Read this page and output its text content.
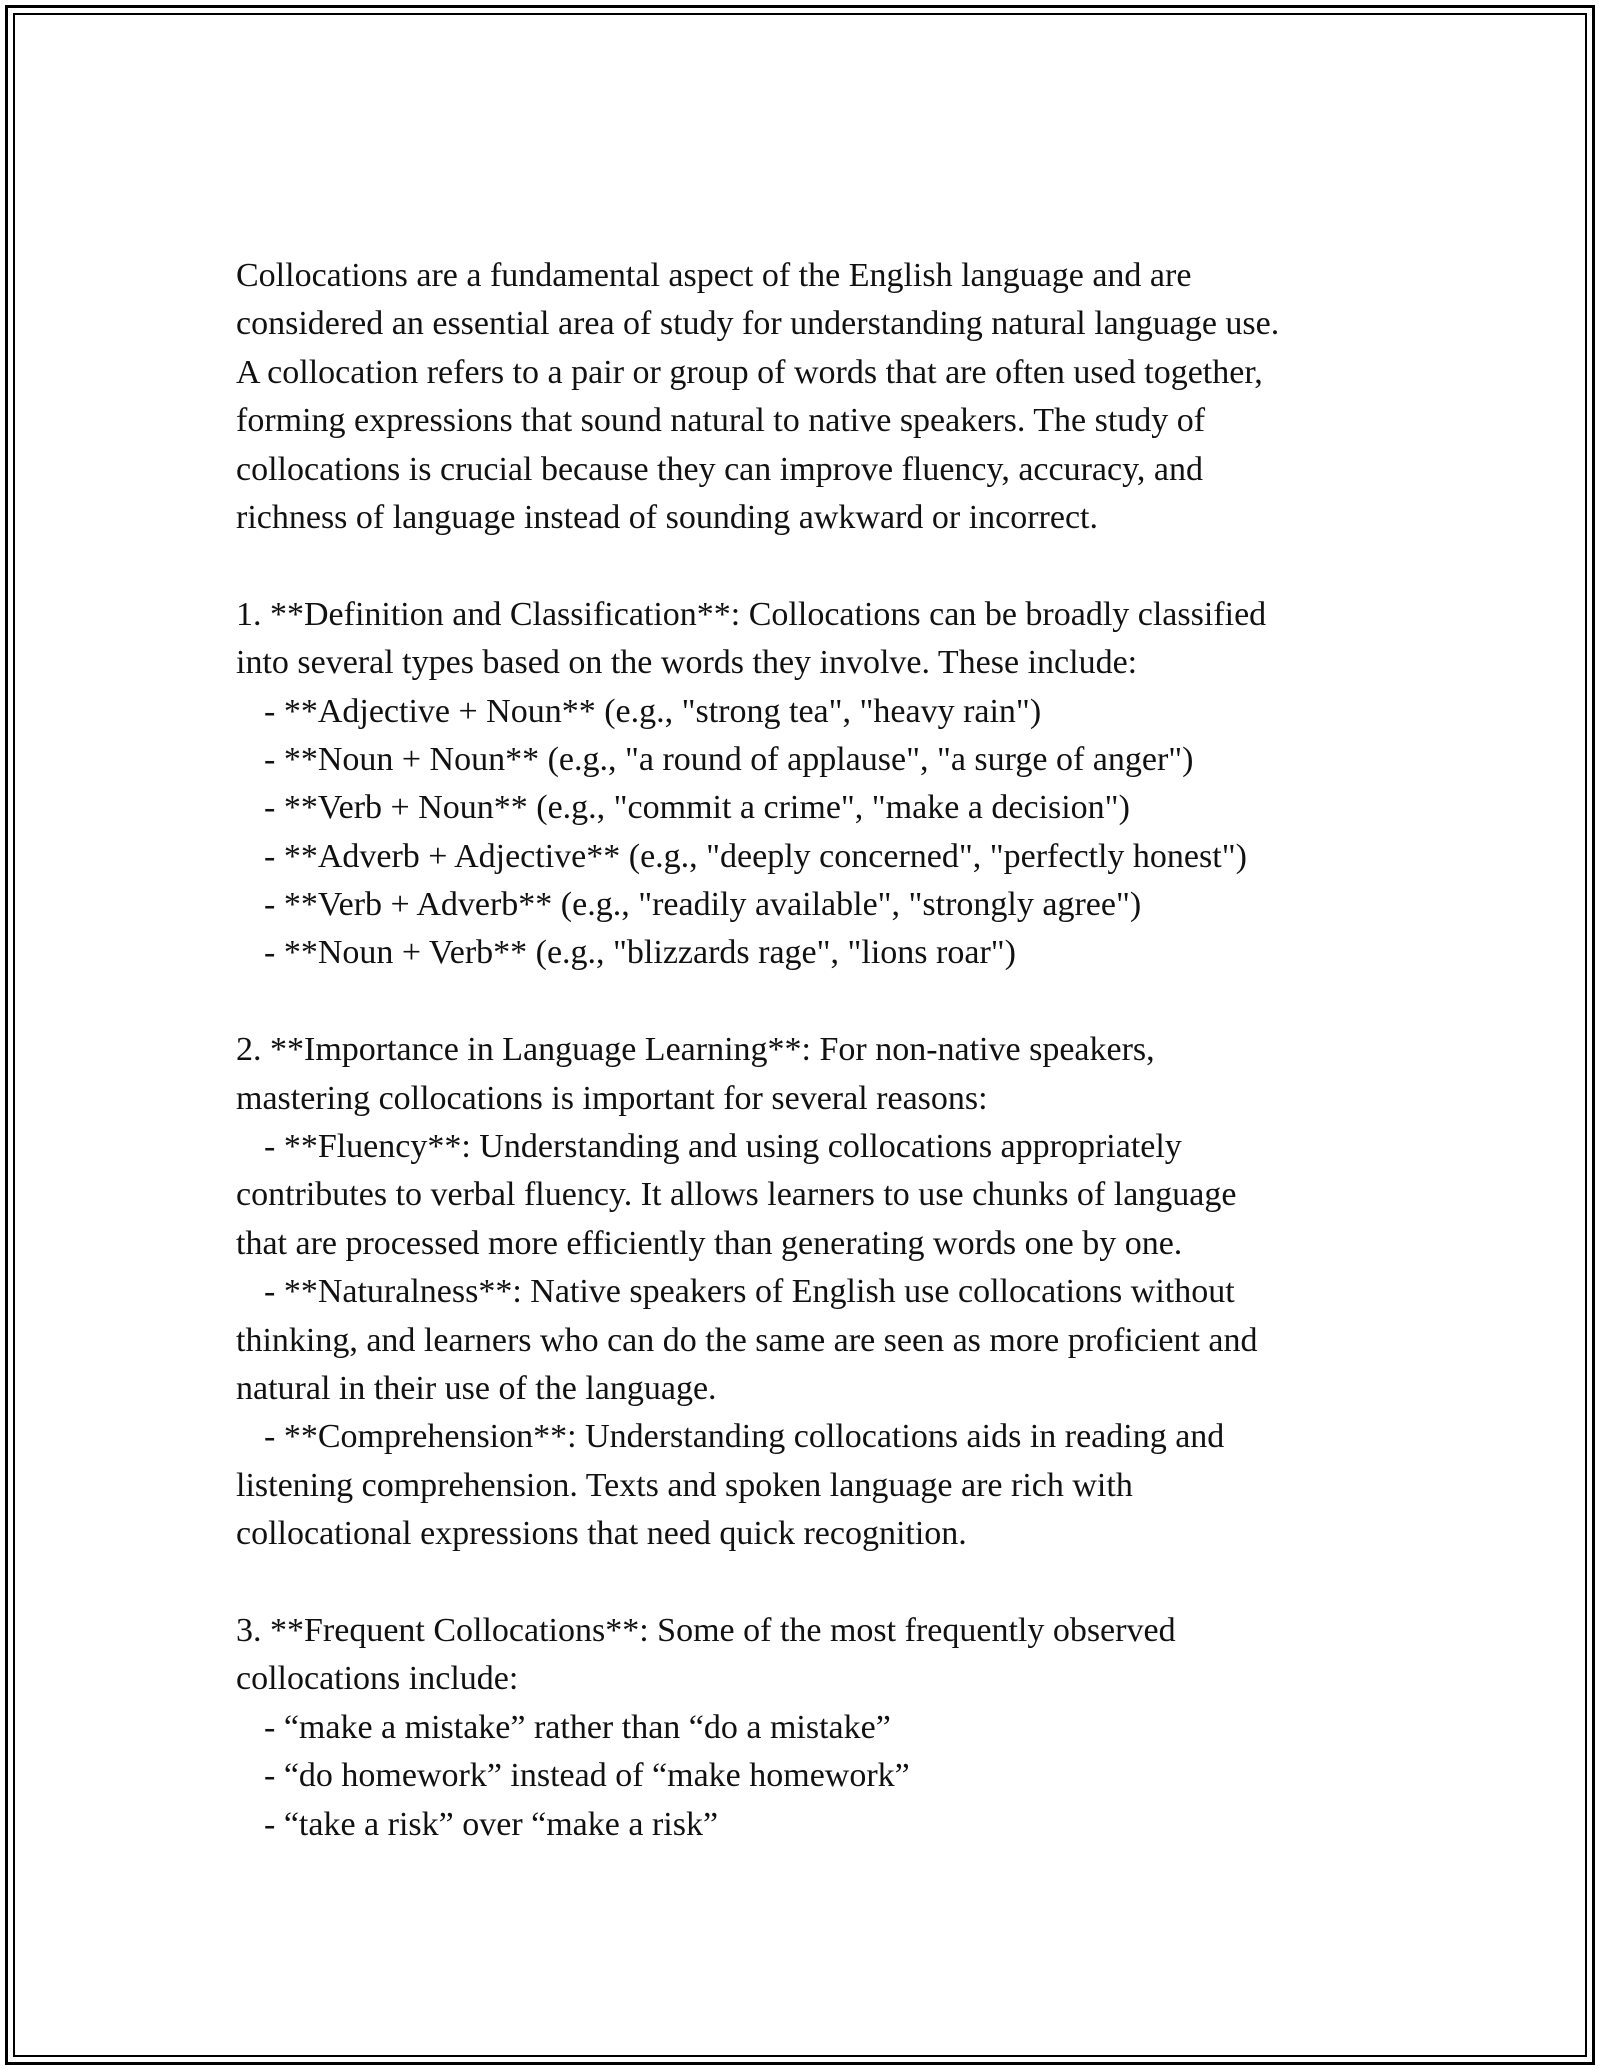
Collocations are a fundamental aspect of the English language and are
considered an essential area of study for understanding natural language use.
A collocation refers to a pair or group of words that are often used together,
forming expressions that sound natural to native speakers. The study of
collocations is crucial because they can improve fluency, accuracy, and
richness of language instead of sounding awkward or incorrect.
1. **Definition and Classification**: Collocations can be broadly classified
into several types based on the words they involve. These include:
- **Adjective + Noun** (e.g., "strong tea", "heavy rain")
- **Noun + Noun** (e.g., "a round of applause", "a surge of anger")
- **Verb + Noun** (e.g., "commit a crime", "make a decision")
- **Adverb + Adjective** (e.g., "deeply concerned", "perfectly honest")
- **Verb + Adverb** (e.g., "readily available", "strongly agree")
- **Noun + Verb** (e.g., "blizzards rage", "lions roar")
2. **Importance in Language Learning**: For non-native speakers,
mastering collocations is important for several reasons:
- **Fluency**: Understanding and using collocations appropriately
contributes to verbal fluency. It allows learners to use chunks of language
that are processed more efficiently than generating words one by one.
- **Naturalness**: Native speakers of English use collocations without
thinking, and learners who can do the same are seen as more proficient and
natural in their use of the language.
- **Comprehension**: Understanding collocations aids in reading and
listening comprehension. Texts and spoken language are rich with
collocational expressions that need quick recognition.
3. **Frequent Collocations**: Some of the most frequently observed
collocations include:
- “make a mistake” rather than “do a mistake”
- “do homework” instead of “make homework”
- “take a risk” over “make a risk”
